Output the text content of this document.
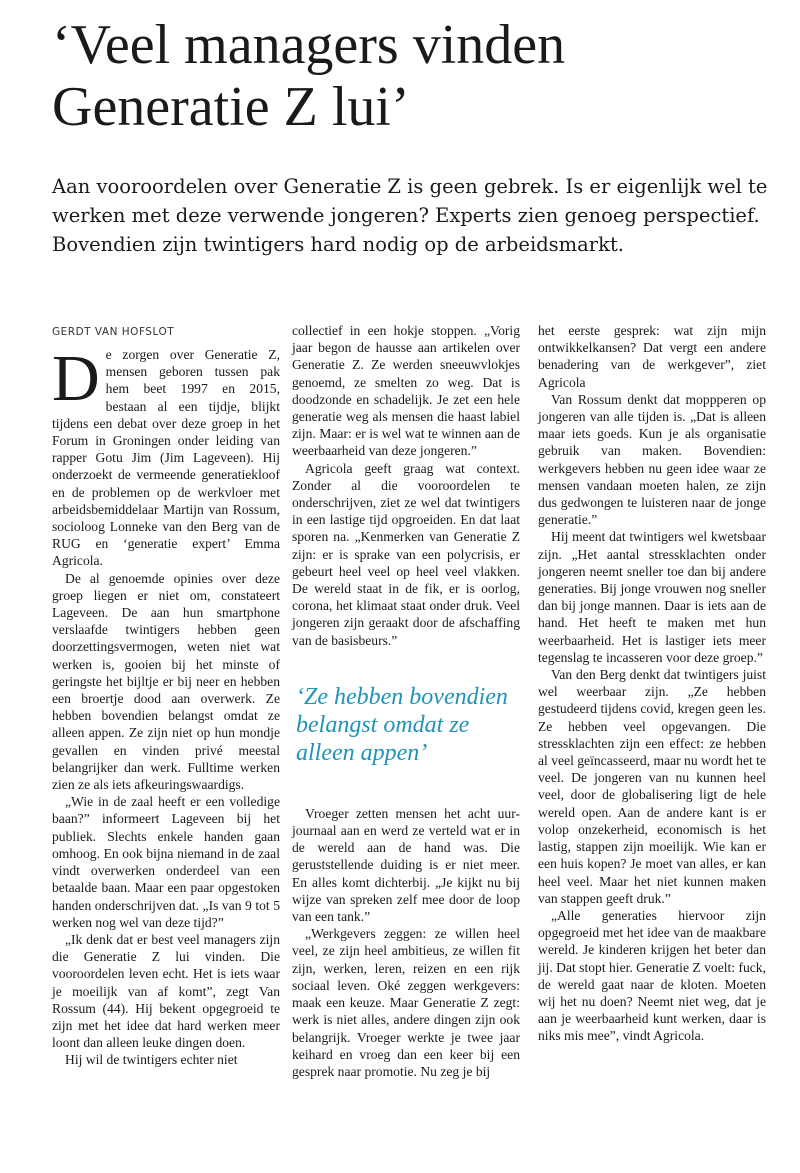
‘Veel managers vinden Generatie Z lui’

Aan vooroordelen over Generatie Z is geen gebrek. Is er eigenlijk wel te werken met deze verwende jongeren? Experts zien genoeg perspectief. Bovendien zijn twintigers hard nodig op de arbeidsmarkt.

GERDT VAN HOFSLOT

De zorgen over Generatie Z, mensen geboren tussen pak hem beet 1997 en 2015, bestaan al een tijdje, blijkt tijdens een debat over deze groep in het Forum in Groningen onder leiding van rapper Gotu Jim (Jim Lageveen). Hij onderzoekt de vermeende generatiekloof en de problemen op de werkvloer met arbeidsbemiddelaar Martijn van Rossum, socioloog Lonneke van den Berg van de RUG en ‘generatie expert’ Emma Agricola.

De al genoemde opinies over deze groep liegen er niet om, constateert Lageveen. De aan hun smartphone verslaafde twintigers hebben geen doorzettingsvermogen, weten niet wat werken is, gooien bij het minste of geringste het bijltje er bij neer en hebben een broertje dood aan overwerk. Ze hebben bovendien belangst omdat ze alleen appen. Ze zijn niet op hun mondje gevallen en vinden privé meestal belangrijker dan werk. Fulltime werken zien ze als iets afkeuringswaardigs.

„Wie in de zaal heeft er een volledige baan?” informeert Lageveen bij het publiek. Slechts enkele handen gaan omhoog. En ook bijna niemand in de zaal vindt overwerken onderdeel van een betaalde baan. Maar een paar opgestoken handen onderschrijven dat. „Is van 9 tot 5 werken nog wel van deze tijd?”

„Ik denk dat er best veel managers zijn die Generatie Z lui vinden. Die vooroordelen leven echt. Het is iets waar je moeilijk van af komt”, zegt Van Rossum (44). Hij bekent opgegroeid te zijn met het idee dat hard werken meer loont dan alleen leuke dingen doen.

Hij wil de twintigers echter niet

collectief in een hokje stoppen. „Vorig jaar begon de hausse aan artikelen over Generatie Z. Ze werden sneeuwvlokjes genoemd, ze smelten zo weg. Dat is doodzonde en schadelijk. Je zet een hele generatie weg als mensen die haast labiel zijn. Maar: er is wel wat te winnen aan de weerbaarheid van deze jongeren.”

Agricola geeft graag wat context. Zonder al die vooroordelen te onderschrijven, ziet ze wel dat twintigers in een lastige tijd opgroeiden. En dat laat sporen na. „Kenmerken van Generatie Z zijn: er is sprake van een polycrisis, er gebeurt heel veel op heel veel vlakken. De wereld staat in de fik, er is oorlog, corona, het klimaat staat onder druk. Veel jongeren zijn geraakt door de afschaffing van de basisbeurs.”

‘Ze hebben bovendien belangst omdat ze alleen appen’

Vroeger zetten mensen het acht uur-journaal aan en werd ze verteld wat er in de wereld aan de hand was. Die geruststellende duiding is er niet meer. En alles komt dichterbij. „Je kijkt nu bij wijze van spreken zelf mee door de loop van een tank.”

„Werkgevers zeggen: ze willen heel veel, ze zijn heel ambitieus, ze willen fit zijn, werken, leren, reizen en een rijk sociaal leven. Oké zeggen werkgevers: maak een keuze. Maar Generatie Z zegt: werk is niet alles, andere dingen zijn ook belangrijk. Vroeger werkte je twee jaar keihard en vroeg dan een keer bij een gesprek naar promotie. Nu zeg je bij

het eerste gesprek: wat zijn mijn ontwikkelkansen? Dat vergt een andere benadering van de werkgever”, ziet Agricola

Van Rossum denkt dat moppperen op jongeren van alle tijden is. „Dat is alleen maar iets goeds. Kun je als organisatie gebruik van maken. Bovendien: werkgevers hebben nu geen idee waar ze mensen vandaan moeten halen, ze zijn dus gedwongen te luisteren naar de jonge generatie.”

Hij meent dat twintigers wel kwetsbaar zijn. „Het aantal stressklachten onder jongeren neemt sneller toe dan bij andere generaties. Bij jonge vrouwen nog sneller dan bij jonge mannen. Daar is iets aan de hand. Het heeft te maken met hun weerbaarheid. Het is lastiger iets meer tegenslag te incasseren voor deze groep.”

Van den Berg denkt dat twintigers juist wel weerbaar zijn. „Ze hebben gestudeerd tijdens covid, kregen geen les. Ze hebben veel opgevangen. Die stressklachten zijn een effect: ze hebben al veel geïncasseerd, maar nu wordt het te veel. De jongeren van nu kunnen heel veel, door de globalisering ligt de hele wereld open. Aan de andere kant is er volop onzekerheid, economisch is het lastig, stappen zijn moeilijk. Wie kan er een huis kopen? Je moet van alles, er kan heel veel. Maar het niet kunnen maken van stappen geeft druk.”

„Alle generaties hiervoor zijn opgegroeid met het idee van de maakbare wereld. Je kinderen krijgen het beter dan jij. Dat stopt hier. Generatie Z voelt: fuck, de wereld gaat naar de kloten. Moeten wij het nu doen? Neemt niet weg, dat je aan je weerbaarheid kunt werken, daar is niks mis mee”, vindt Agricola.
